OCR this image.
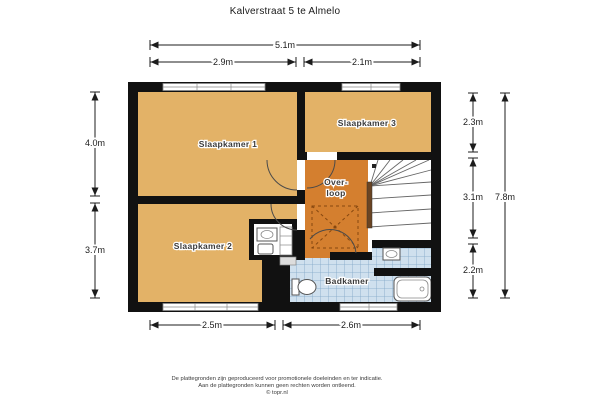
Kalverstraat 5 te Almelo
Slaapkamer 1
Slaapkamer 2
Slaapkamer 3
Over-
loop
Badkamer
5.1m
2.9m	2.1m
4.0m
3.7m
2.3m
3.1m
2.2m
7.8m
2.5m	2.6m
De plattegronden zijn geproduceerd voor promotionele doeleinden en ter indicatie.
Aan de plattegronden kunnen geen rechten worden ontleend.
© topr.nl
